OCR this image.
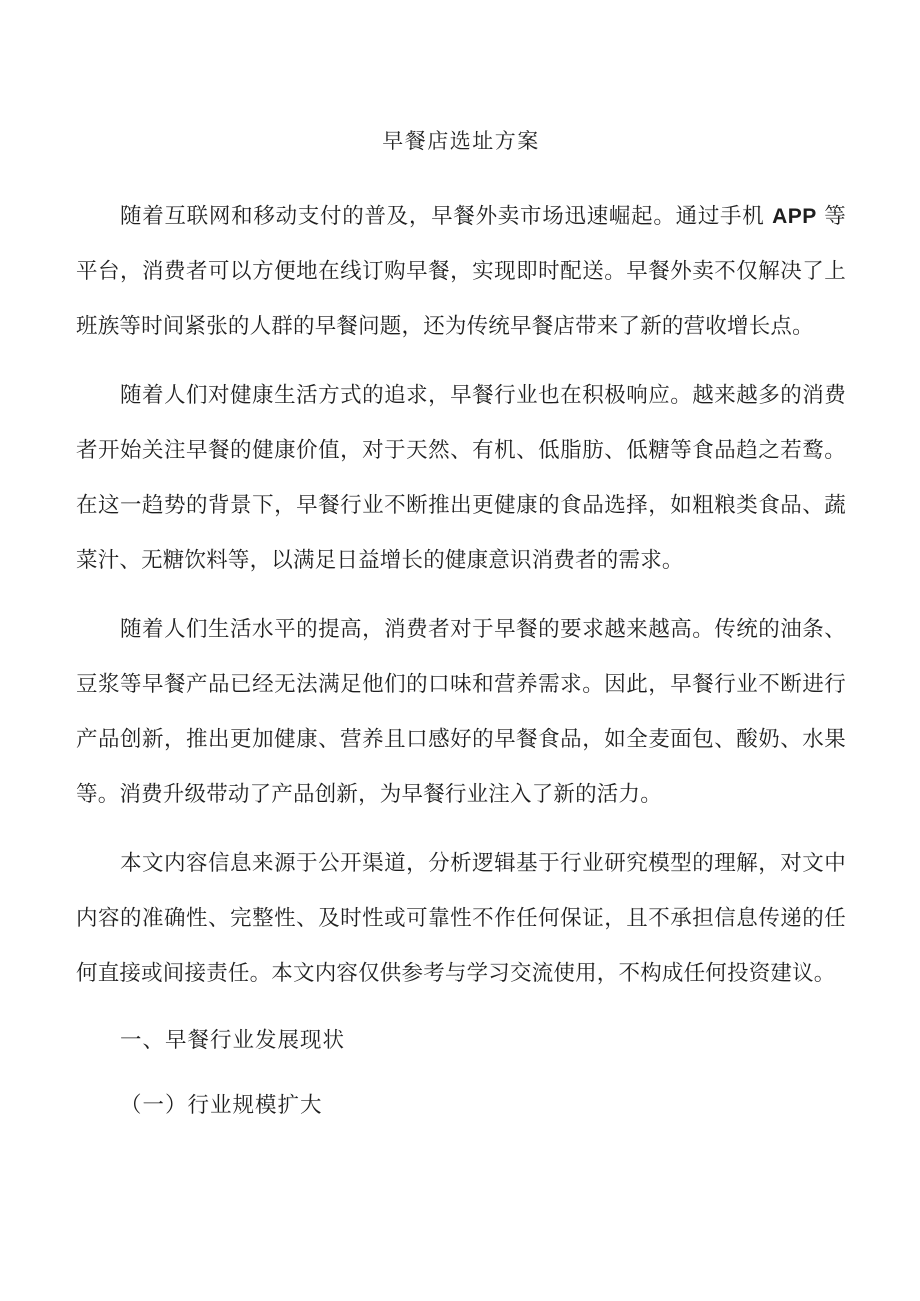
早餐店选址方案

随着互联网和移动支付的普及，早餐外卖市场迅速崛起。通过手机 APP 等平台，消费者可以方便地在线订购早餐，实现即时配送。早餐外卖不仅解决了上班族等时间紧张的人群的早餐问题，还为传统早餐店带来了新的营收增长点。

随着人们对健康生活方式的追求，早餐行业也在积极响应。越来越多的消费者开始关注早餐的健康价值，对于天然、有机、低脂肪、低糖等食品趋之若鹜。在这一趋势的背景下，早餐行业不断推出更健康的食品选择，如粗粮类食品、蔬菜汁、无糖饮料等，以满足日益增长的健康意识消费者的需求。

随着人们生活水平的提高，消费者对于早餐的要求越来越高。传统的油条、豆浆等早餐产品已经无法满足他们的口味和营养需求。因此，早餐行业不断进行产品创新，推出更加健康、营养且口感好的早餐食品，如全麦面包、酸奶、水果等。消费升级带动了产品创新，为早餐行业注入了新的活力。

本文内容信息来源于公开渠道，分析逻辑基于行业研究模型的理解，对文中内容的准确性、完整性、及时性或可靠性不作任何保证，且不承担信息传递的任何直接或间接责任。本文内容仅供参考与学习交流使用，不构成任何投资建议。

一、早餐行业发展现状
（一）行业规模扩大
